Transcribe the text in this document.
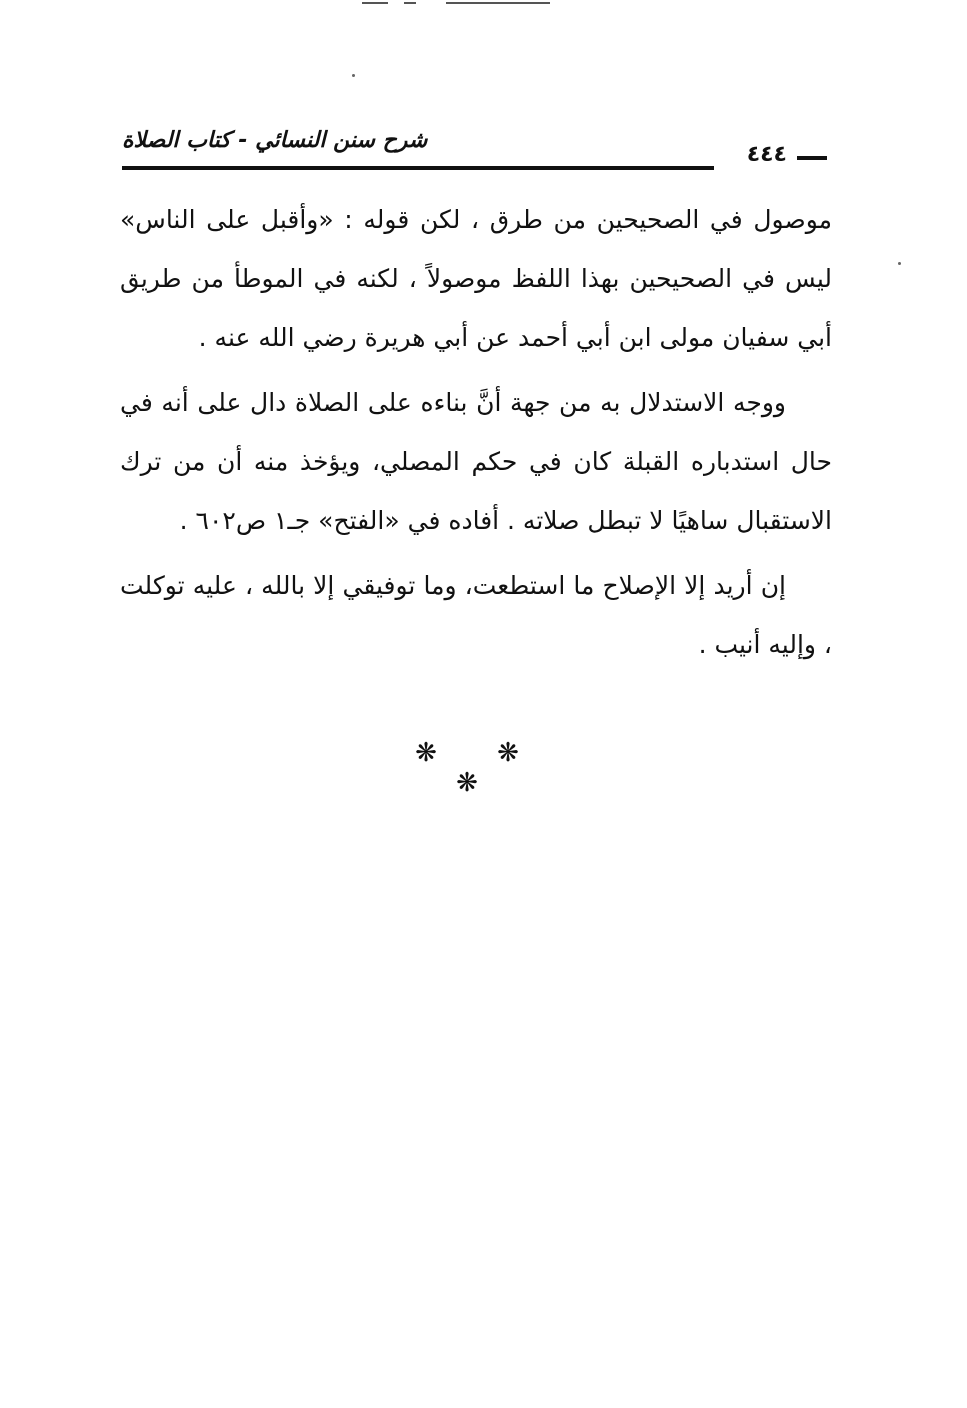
شرح سنن النسائي - كتاب الصلاة
٤٤٤

موصول في الصحيحين من طرق ، لكن قوله : «وأقبل على الناس» ليس في الصحيحين بهذا اللفظ موصولاً ، لكنه في الموطأ من طريق أبي سفيان مولى ابن أبي أحمد عن أبي هريرة رضي الله عنه .

ووجه الاستدلال به من جهة أنَّ بناءه على الصلاة دال على أنه في حال استدباره القبلة كان في حكم المصلي، ويؤخذ منه أن من ترك الاستقبال ساهيًا لا تبطل صلاته . أفاده في «الفتح» جـ١ ص٦٠٢ .

إن أريد إلا الإصلاح ما استطعت، وما توفيقي إلا بالله ، عليه توكلت ، وإليه أنيب .

❋ ❋ ❋
